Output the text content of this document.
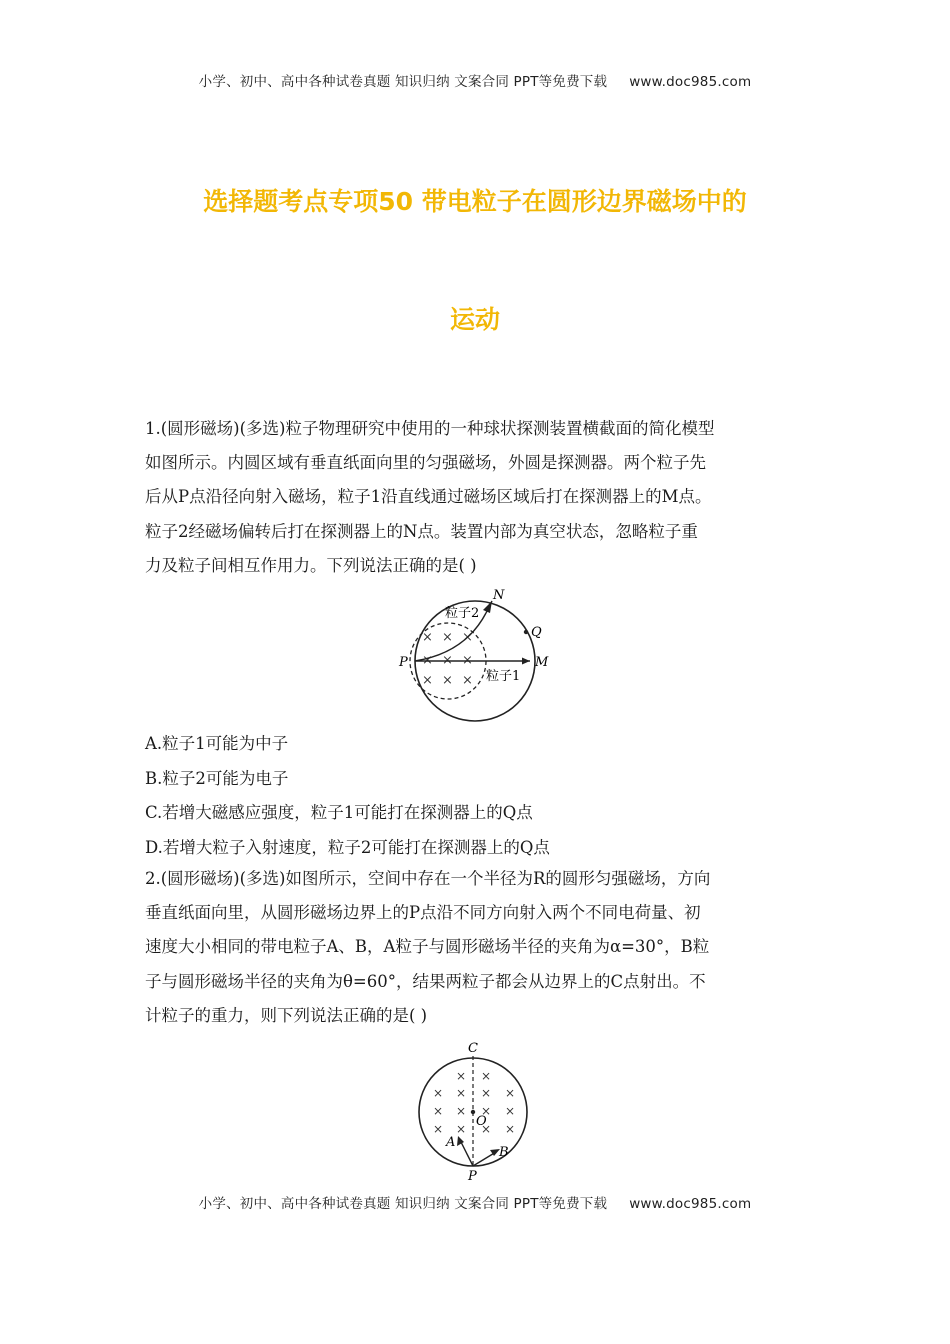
小学、初中、高中各种试卷真题 知识归纳 文案合同 PPT等免费下载 www.doc985.com
选择题考点专项50 带电粒子在圆形边界磁场中的
运动

1.(圆形磁场)(多选)粒子物理研究中使用的一种球状探测装置横截面的简化模型

如图所示。内圆区域有垂直纸面向里的匀强磁场，外圆是探测器。两个粒子先

后从P点沿径向射入磁场，粒子1沿直线通过磁场区域后打在探测器上的M点。

粒子2经磁场偏转后打在探测器上的N点。装置内部为真空状态，忽略粒子重

力及粒子间相互作用力。下列说法正确的是( )

× × ×
× × ×
× × ×
粒子2
粒子1
N
Q
P	M
A.粒子1可能为中子
B.粒子2可能为电子
C.若增大磁感应强度，粒子1可能打在探测器上的Q点
D.若增大粒子入射速度，粒子2可能打在探测器上的Q点

2.(圆形磁场)(多选)如图所示，空间中存在一个半径为R的圆形匀强磁场，方向

垂直纸面向里，从圆形磁场边界上的P点沿不同方向射入两个不同电荷量、初

速度大小相同的带电粒子A、B，A粒子与圆形磁场半径的夹角为α=30°，B粒

子与圆形磁场半径的夹角为θ=60°，结果两粒子都会从边界上的C点射出。不

计粒子的重力，则下列说法正确的是( )

× ×
× × × ×
× × × ×
× × × ×
C
O
A
B
P
小学、初中、高中各种试卷真题 知识归纳 文案合同 PPT等免费下载 www.doc985.com
